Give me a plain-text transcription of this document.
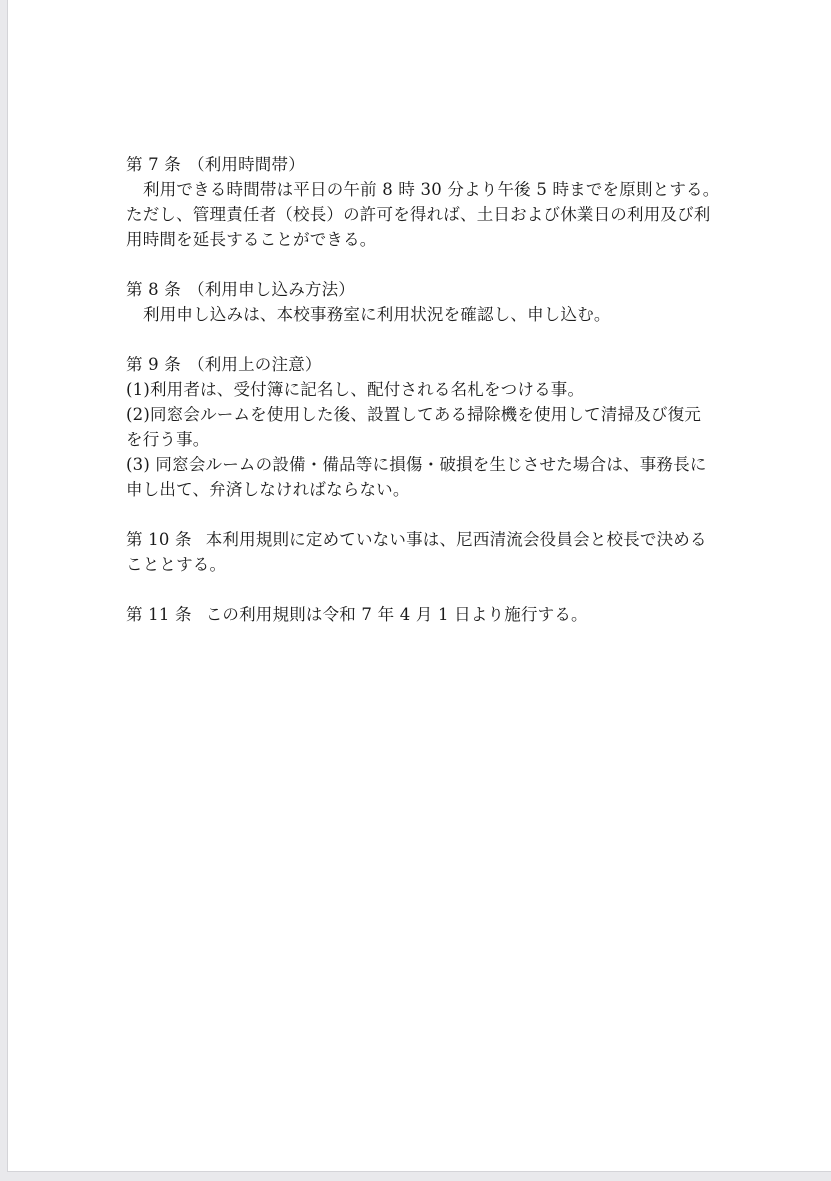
第 7 条 （利用時間帯）
利用できる時間帯は平日の午前 8 時 30 分より午後 5 時までを原則とする。
ただし、管理責任者（校長）の許可を得れば、土日および休業日の利用及び利
用時間を延長することができる。
第 8 条 （利用申し込み方法）
利用申し込みは、本校事務室に利用状況を確認し、申し込む。
第 9 条 （利用上の注意）
(1)利用者は、受付簿に記名し、配付される名札をつける事。
(2)同窓会ルームを使用した後、設置してある掃除機を使用して清掃及び復元
を行う事。
(3) 同窓会ルームの設備・備品等に損傷・破損を生じさせた場合は、事務長に
申し出て、弁済しなければならない。
第 10 条 本利用規則に定めていない事は、尼西清流会役員会と校長で決める
こととする。
第 11 条 この利用規則は令和 7 年 4 月 1 日より施行する。
